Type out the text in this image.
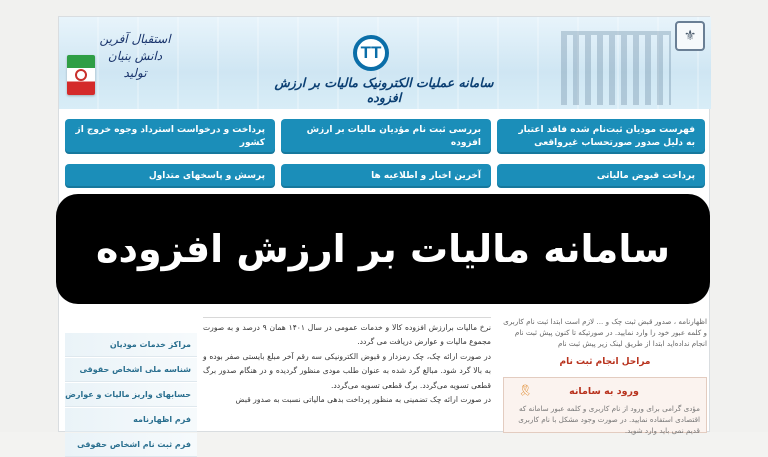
استقبال آفرین
دانش بنیان
تولید
TT
سامانه عملیات الکترونیک مالیات بر ارزش افزوده
⚜
فهرست مودیان ثبت‌نام شده فاقد اعتبار به دلیل صدور صورتحساب غیرواقعی
بررسی ثبت نام مؤدیان مالیات بر ارزش افزوده
پرداخت و درخواست استرداد وجوه خروج از کشور
پرداخت قبوض مالیاتی
آخرین اخبار و اطلاعیه ها
پرسش و پاسخهای متداول
اظهارنامه ، صدور قبض ثبت چک و ... لازم است ابتدا ثبت نام کاربری و کلمه عبور خود را وارد نمایید. در صورتیکه تا کنون پیش ثبت نام انجام نداده‌اید ابتدا از طریق لینک زیر پیش ثبت نام
مراحل انجام ثبت نام
🎗	ورود به سامانه
مؤدی گرامی برای ورود از نام کاربری و کلمه عبور سامانه که اقتصادی استفاده نمایید. در صورت وجود مشکل با نام کاربری قدیم نمی باید وارد شوید.

نرخ مالیات برارزش افزوده کالا و خدمات عمومی در سال ۱۴۰۱ همان ۹ درصد و به صورت مجموع مالیات و عوارض دریافت می گردد.

در صورت ارائه چک، چک رمزدار و قبوض الکترونیکی سه رقم آخر مبلغ بایستی صفر بوده و به بالا گرد شود. مبالغ گرد شده به عنوان طلب مودی منظور گردیده و در هنگام صدور برگ قطعی تسویه می‌گردد. برگ قطعی تسویه می‌گردد.

در صورت ارائه چک تضمینی به منظور پرداخت بدهی مالیاتی نسبت به صدور قبض

مراکز خدمات مودیان
شناسه ملی اشخاص حقوقی
حسابهای
واریز
مالیات و عوارض
فرم
اظهارنامه
فرم ثبت نام اشخاص حقوقی
سامانه مالیات بر ارزش افزوده
